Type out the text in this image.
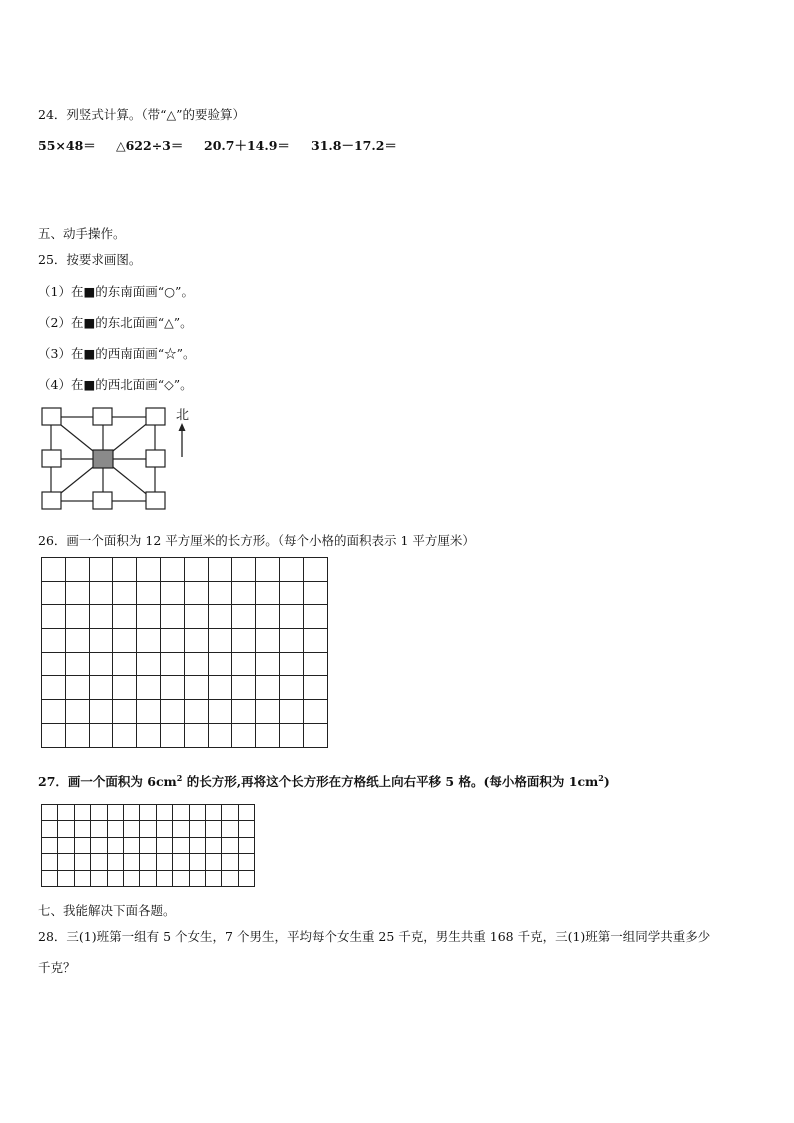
24．列竖式计算。（带“△”的要验算）
55×48＝ △622÷3＝ 20.7＋14.9＝ 31.8－17.2＝
五、动手操作。
25．按要求画图。
（1）在■的东南面画“○”。
（2）在■的东北面画“△”。
（3）在■的西南面画“☆”。
（4）在■的西北面画“◇”。
北
26．画一个面积为 12 平方厘米的长方形。（每个小格的面积表示 1 平方厘米）

27．画一个面积为 $6cm^2$ 的长方形,再将这个长方形在方格纸上向右平移 5 格。(每小格面积为 $1cm^2$)

七、我能解决下面各题。
28．三(1)班第一组有 5 个女生，7 个男生，平均每个女生重 25 千克，男生共重 168 千克，三(1)班第一组同学共重多少
千克？
